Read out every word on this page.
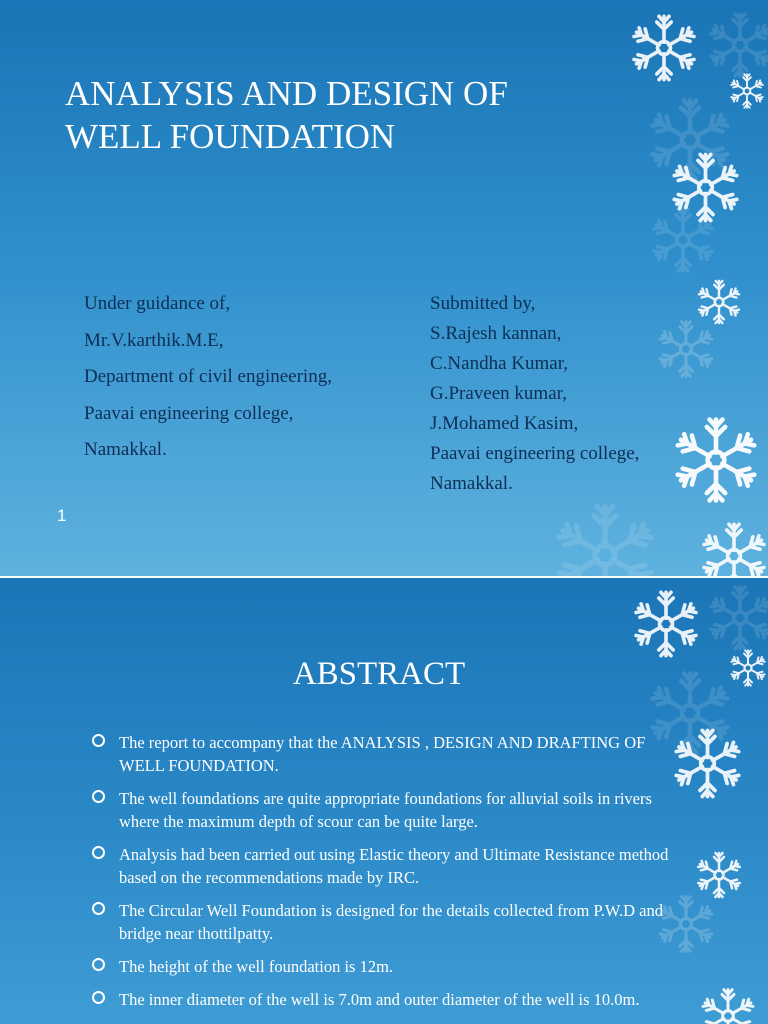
ANALYSIS AND DESIGN OF
WELL FOUNDATION
Under guidance of,
Mr.V.karthik.M.E,
Department of civil engineering,
Paavai engineering college,
Namakkal.
Submitted by,
S.Rajesh kannan,
C.Nandha Kumar,
G.Praveen kumar,
J.Mohamed Kasim,
Paavai engineering college,
Namakkal.
1
ABSTRACT
The report to accompany that the ANALYSIS , DESIGN AND DRAFTING OF WELL FOUNDATION.
The well foundations are quite appropriate foundations for alluvial soils in rivers where the maximum depth of scour can be quite large.
Analysis had been carried out using Elastic theory and Ultimate Resistance method based on the recommendations made by IRC.
The Circular Well Foundation is designed for the details collected from P.W.D and bridge near thottilpatty.
The height of the well foundation is 12m.
The inner diameter of the well is 7.0m and outer diameter of the well is 10.0m.
